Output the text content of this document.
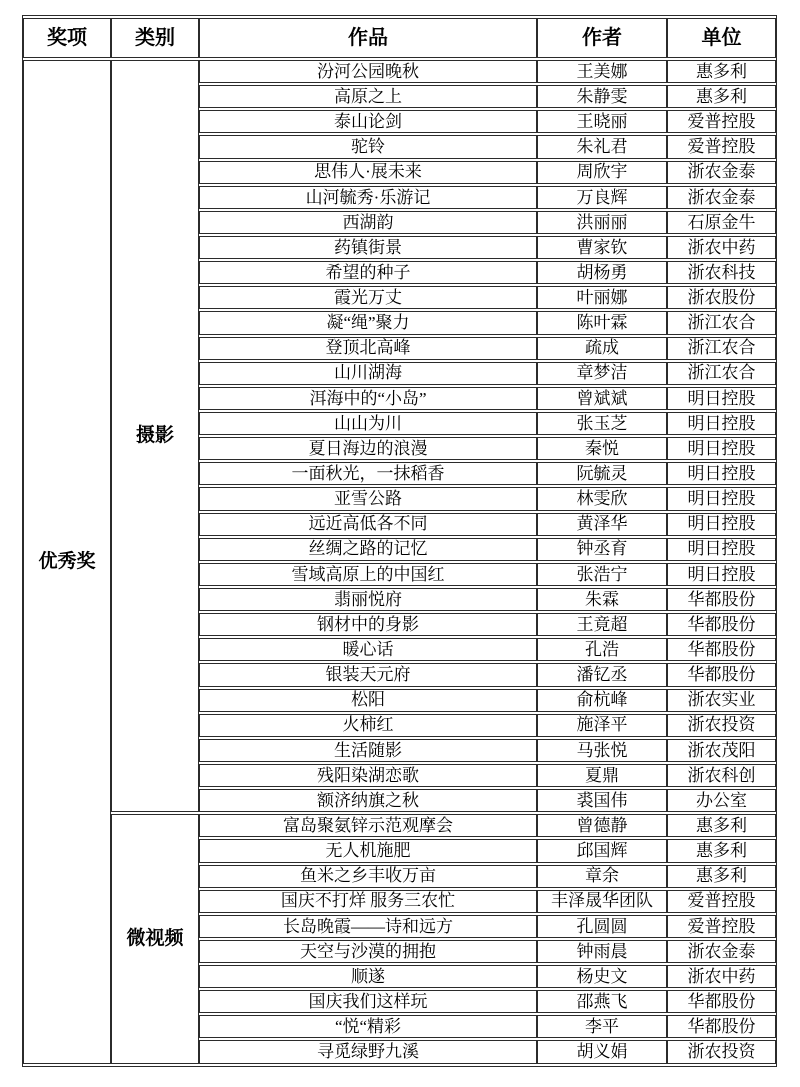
奖项	类别	作品	作者	单位
优秀奖	摄影	汾河公园晚秋	王美娜	惠多利
		高原之上	朱静雯	惠多利
		泰山论剑	王晓丽	爱普控股
		驼铃	朱礼君	爱普控股
		思伟人·展未来	周欣宇	浙农金泰
		山河毓秀·乐游记	万良辉	浙农金泰
		西湖韵	洪丽丽	石原金牛
		药镇街景	曹家钦	浙农中药
		希望的种子	胡杨勇	浙农科技
		霞光万丈	叶丽娜	浙农股份
		凝“绳”聚力	陈叶霖	浙江农合
		登顶北高峰	疏成	浙江农合
		山川湖海	章梦洁	浙江农合
		洱海中的“小岛”	曾斌斌	明日控股
		山山为川	张玉芝	明日控股
		夏日海边的浪漫	秦悦	明日控股
		一面秋光，一抹稻香	阮毓灵	明日控股
		亚雪公路	林雯欣	明日控股
		远近高低各不同	黄泽华	明日控股
		丝绸之路的记忆	钟丞育	明日控股
		雪域高原上的中国红	张浩宁	明日控股
		翡丽悦府	朱霖	华都股份
		钢材中的身影	王竟超	华都股份
		暖心话	孔浩	华都股份
		银装天元府	潘钇丞	华都股份
		松阳	俞杭峰	浙农实业
		火柿红	施泽平	浙农投资
		生活随影	马张悦	浙农茂阳
		残阳染湖恋歌	夏鼎	浙农科创
		额济纳旗之秋	裘国伟	办公室
	微视频	富岛聚氨锌示范观摩会	曾德静	惠多利
		无人机施肥	邱国辉	惠多利
		鱼米之乡丰收万亩	章余	惠多利
		国庆不打烊 服务三农忙	丰泽晟华团队	爱普控股
		长岛晚霞——诗和远方	孔圆圆	爱普控股
		天空与沙漠的拥抱	钟雨晨	浙农金泰
		顺遂	杨史文	浙农中药
		国庆我们这样玩	邵燕飞	华都股份
		“悦“精彩	李平	华都股份
		寻觅绿野九溪	胡义娟	浙农投资
